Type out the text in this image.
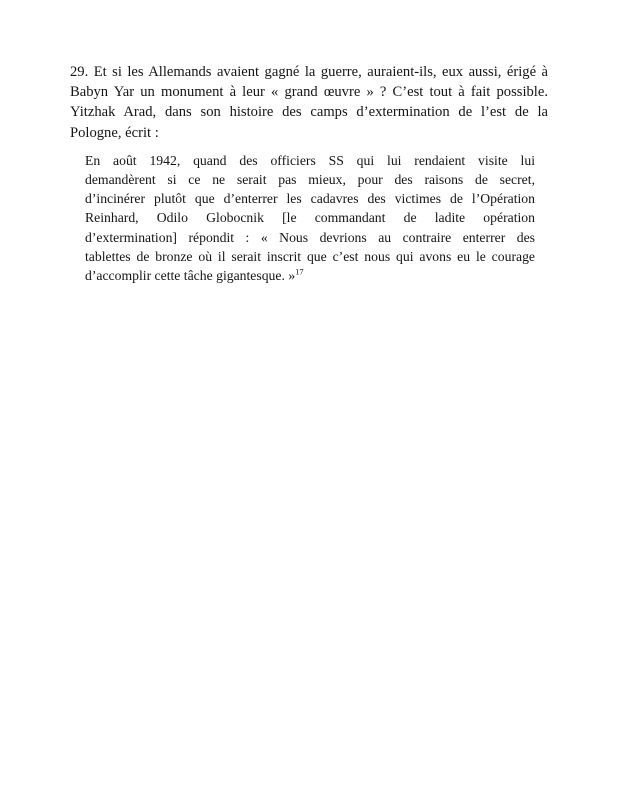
29. Et si les Allemands avaient gagné la guerre, auraient-ils, eux aussi, érigé à
Babyn Yar un monument à leur « grand œuvre » ? C’est tout à fait possible.
Yitzhak Arad, dans son histoire des camps d’extermination de l’est de la
Pologne, écrit :

En août 1942, quand des officiers SS qui lui rendaient visite lui
demandèrent si ce ne serait pas mieux, pour des raisons de secret,
d’incinérer plutôt que d’enterrer les cadavres des victimes de l’Opération
Reinhard, Odilo Globocnik [le commandant de ladite opération
d’extermination] répondit : « Nous devrions au contraire enterrer des
tablettes de bronze où il serait inscrit que c’est nous qui avons eu le courage
d’accomplir cette tâche gigantesque. »$^{17}$
